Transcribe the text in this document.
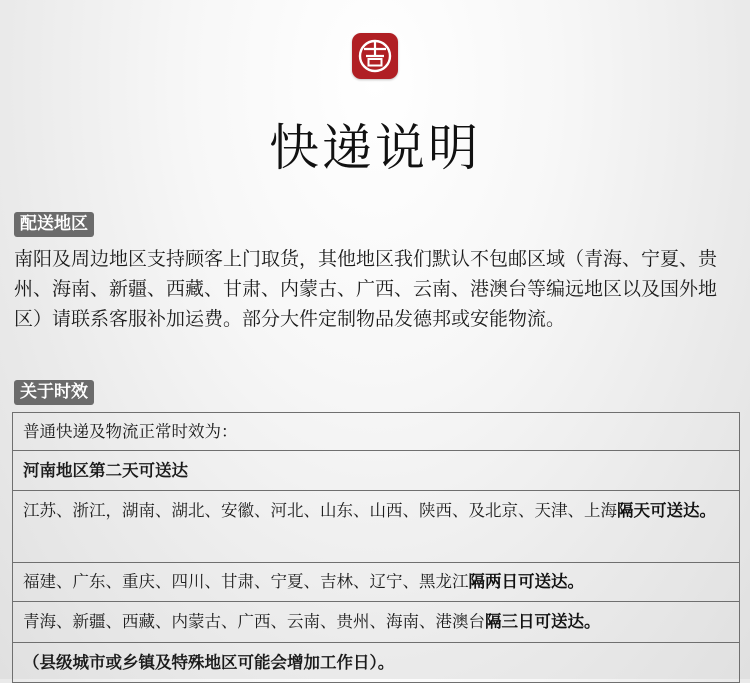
快递说明
配送地区

南阳及周边地区支持顾客上门取货，其他地区我们默认不包邮区域（青海、宁夏、贵州、海南、新疆、西藏、甘肃、内蒙古、广西、云南、港澳台等编远地区以及国外地区）请联系客服补加运费。部分大件定制物品发德邦或安能物流。

关于时效
普通快递及物流正常时效为：
河南地区第二天可送达
江苏、浙江，湖南、湖北、安徽、河北、山东、山西、陕西、及北京、天津、上海隔天可送达。
福建、广东、重庆、四川、甘肃、宁夏、吉林、辽宁、黑龙江隔两日可送达。
青海、新疆、西藏、内蒙古、广西、云南、贵州、海南、港澳台隔三日可送达。
（县级城市或乡镇及特殊地区可能会增加工作日）。
